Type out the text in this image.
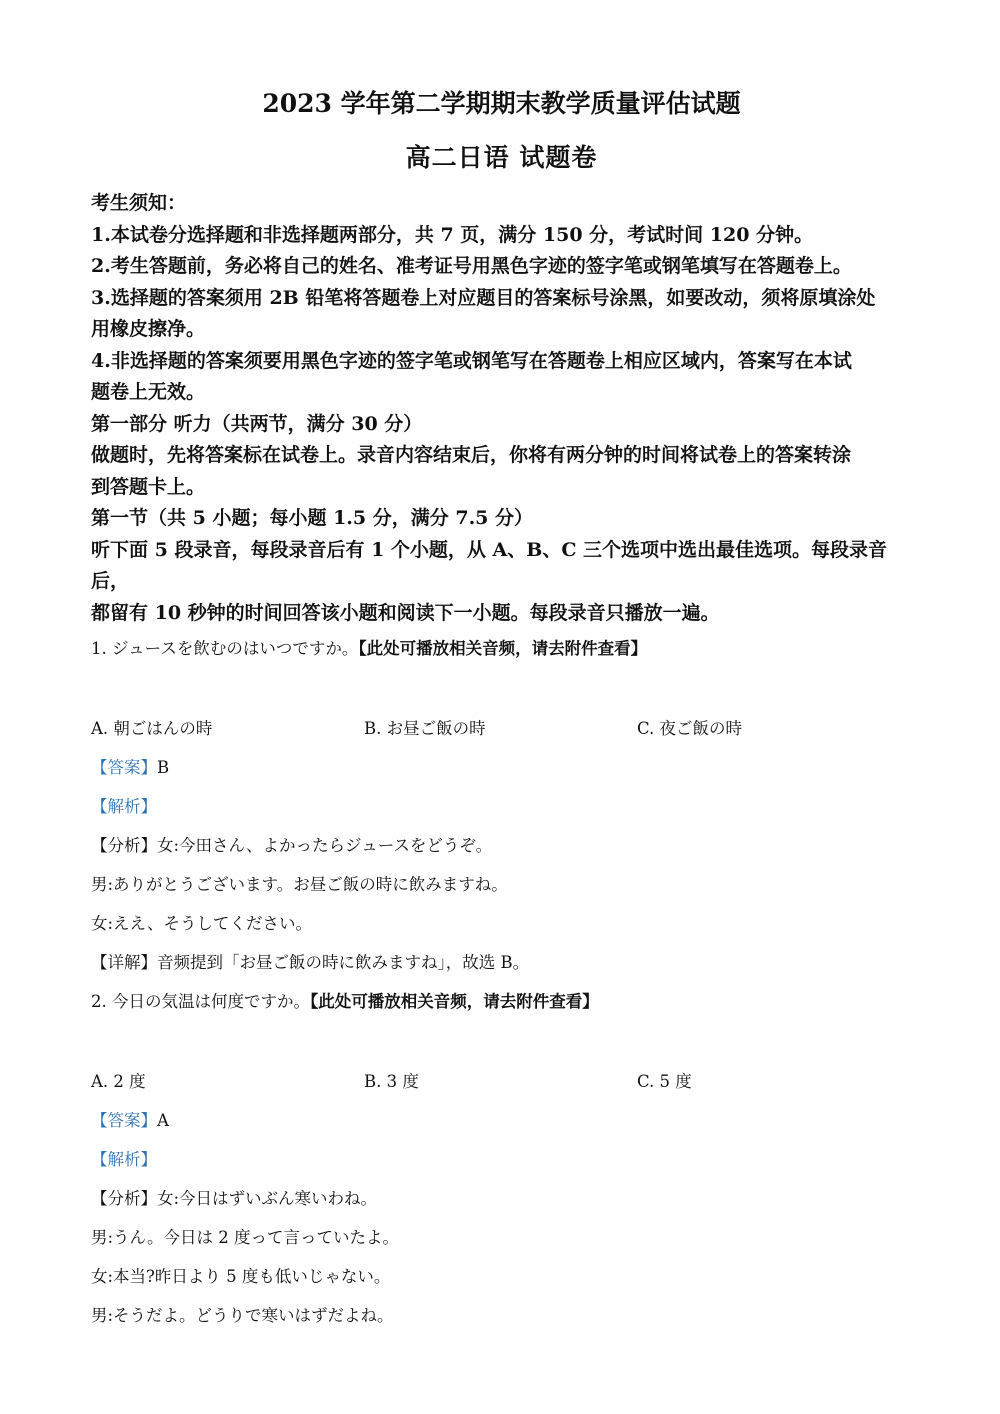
2023 学年第二学期期末教学质量评估试题
高二日语 试题卷

考生须知：

1.本试卷分选择题和非选择题两部分，共 7 页，满分 150 分，考试时间 120 分钟。

2.考生答题前，务必将自己的姓名、准考证号用黑色字迹的签字笔或钢笔填写在答题卷上。

3.选择题的答案须用 2B 铅笔将答题卷上对应题目的答案标号涂黑，如要改动，须将原填涂处

用橡皮擦净。

4.非选择题的答案须要用黑色字迹的签字笔或钢笔写在答题卷上相应区域内，答案写在本试

题卷上无效。

第一部分 听力（共两节，满分 30 分）

做题时，先将答案标在试卷上。录音内容结束后，你将有两分钟的时间将试卷上的答案转涂

到答题卡上。

第一节（共 5 小题；每小题 1.5 分，满分 7.5 分）

听下面 5 段录音，每段录音后有 1 个小题，从 A、B、C 三个选项中选出最佳选项。每段录音后，

都留有 10 秒钟的时间回答该小题和阅读下一小题。每段录音只播放一遍。

1. ジュースを飲むのはいつですか。【此处可播放相关音频，请去附件查看】

A. 朝ごはんの時	B. お昼ご飯の時	C. 夜ご飯の時

【答案】B

【解析】

【分析】女:今田さん、よかったらジュースをどうぞ。

男:ありがとうございます。お昼ご飯の時に飲みますね。

女:ええ、そうしてください。

【详解】音频提到「お昼ご飯の時に飲みますね」，故选 B。

2. 今日の気温は何度ですか。【此处可播放相关音频，请去附件查看】

A. 2 度	B. 3 度	C. 5 度

【答案】A

【解析】

【分析】女:今日はずいぶん寒いわね。

男:うん。今日は 2 度って言っていたよ。

女:本当?昨日より 5 度も低いじゃない。

男:そうだよ。どうりで寒いはずだよね。
